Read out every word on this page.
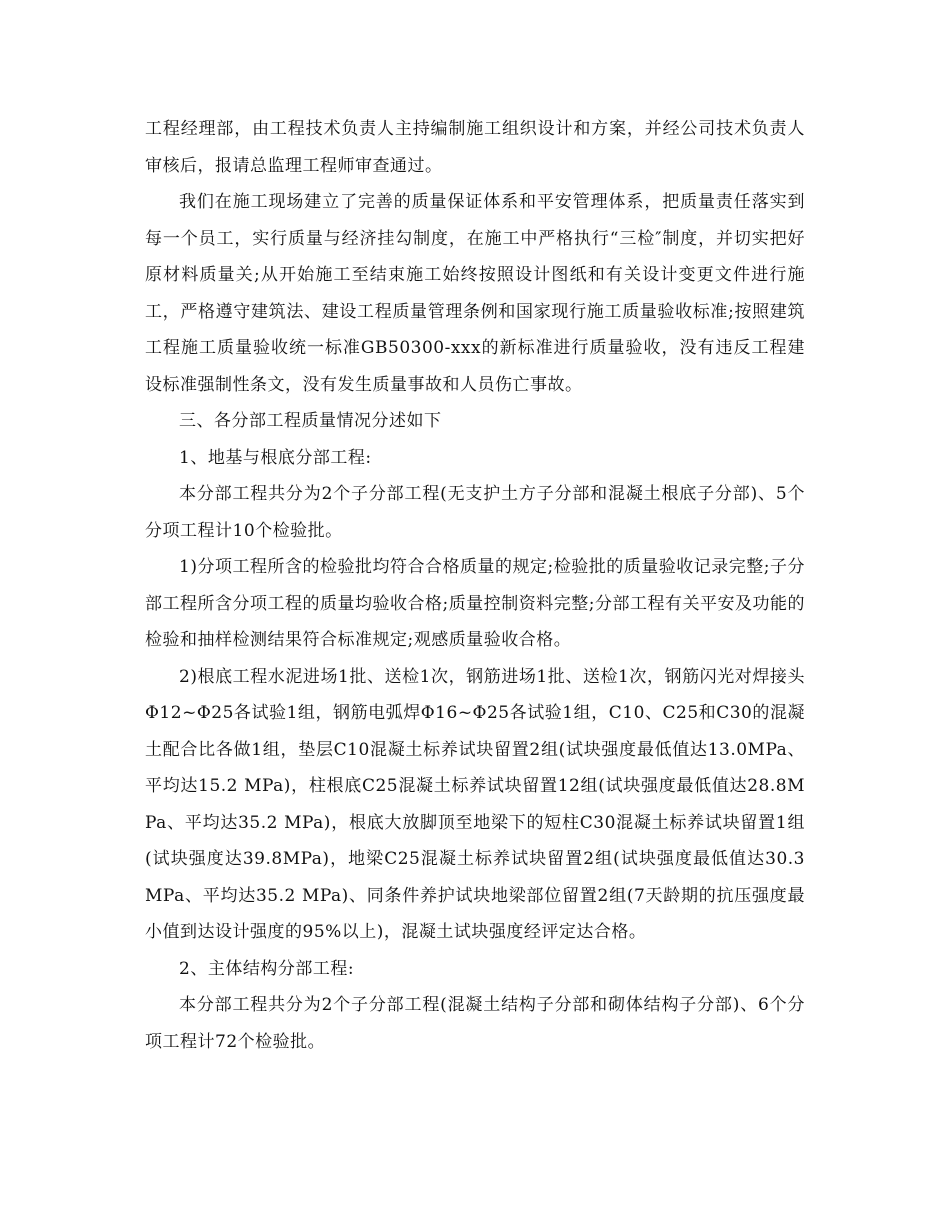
工程经理部，由工程技术负责人主持编制施工组织设计和方案，并经公司技术负责人审核后，报请总监理工程师审查通过。

我们在施工现场建立了完善的质量保证体系和平安管理体系，把质量责任落实到每一个员工，实行质量与经济挂勾制度，在施工中严格执行“三检″制度，并切实把好原材料质量关;从开始施工至结束施工始终按照设计图纸和有关设计变更文件进行施工，严格遵守建筑法、建设工程质量管理条例和国家现行施工质量验收标准;按照建筑工程施工质量验收统一标准GB50300-xxx的新标准进行质量验收，没有违反工程建设标准强制性条文，没有发生质量事故和人员伤亡事故。

三、各分部工程质量情况分述如下

1、地基与根底分部工程:

本分部工程共分为2个子分部工程(无支护土方子分部和混凝土根底子分部)、5个分项工程计10个检验批。

1)分项工程所含的检验批均符合合格质量的规定;检验批的质量验收记录完整;子分部工程所含分项工程的质量均验收合格;质量控制资料完整;分部工程有关平安及功能的检验和抽样检测结果符合标准规定;观感质量验收合格。

2)根底工程水泥进场1批、送检1次，钢筋进场1批、送检1次，钢筋闪光对焊接头Φ12~Φ25各试验1组，钢筋电弧焊Φ16~Φ25各试验1组，C10、C25和C30的混凝土配合比各做1组，垫层C10混凝土标养试块留置2组(试块强度最低值达13.0MPa、平均达15.2 MPa)，柱根底C25混凝土标养试块留置12组(试块强度最低值达28.8MPa、平均达35.2 MPa)，根底大放脚顶至地梁下的短柱C30混凝土标养试块留置1组(试块强度达39.8MPa)，地梁C25混凝土标养试块留置2组(试块强度最低值达30.3MPa、平均达35.2 MPa)、同条件养护试块地梁部位留置2组(7天龄期的抗压强度最小值到达设计强度的95%以上)，混凝土试块强度经评定达合格。

2、主体结构分部工程:

本分部工程共分为2个子分部工程(混凝土结构子分部和砌体结构子分部)、6个分项工程计72个检验批。
